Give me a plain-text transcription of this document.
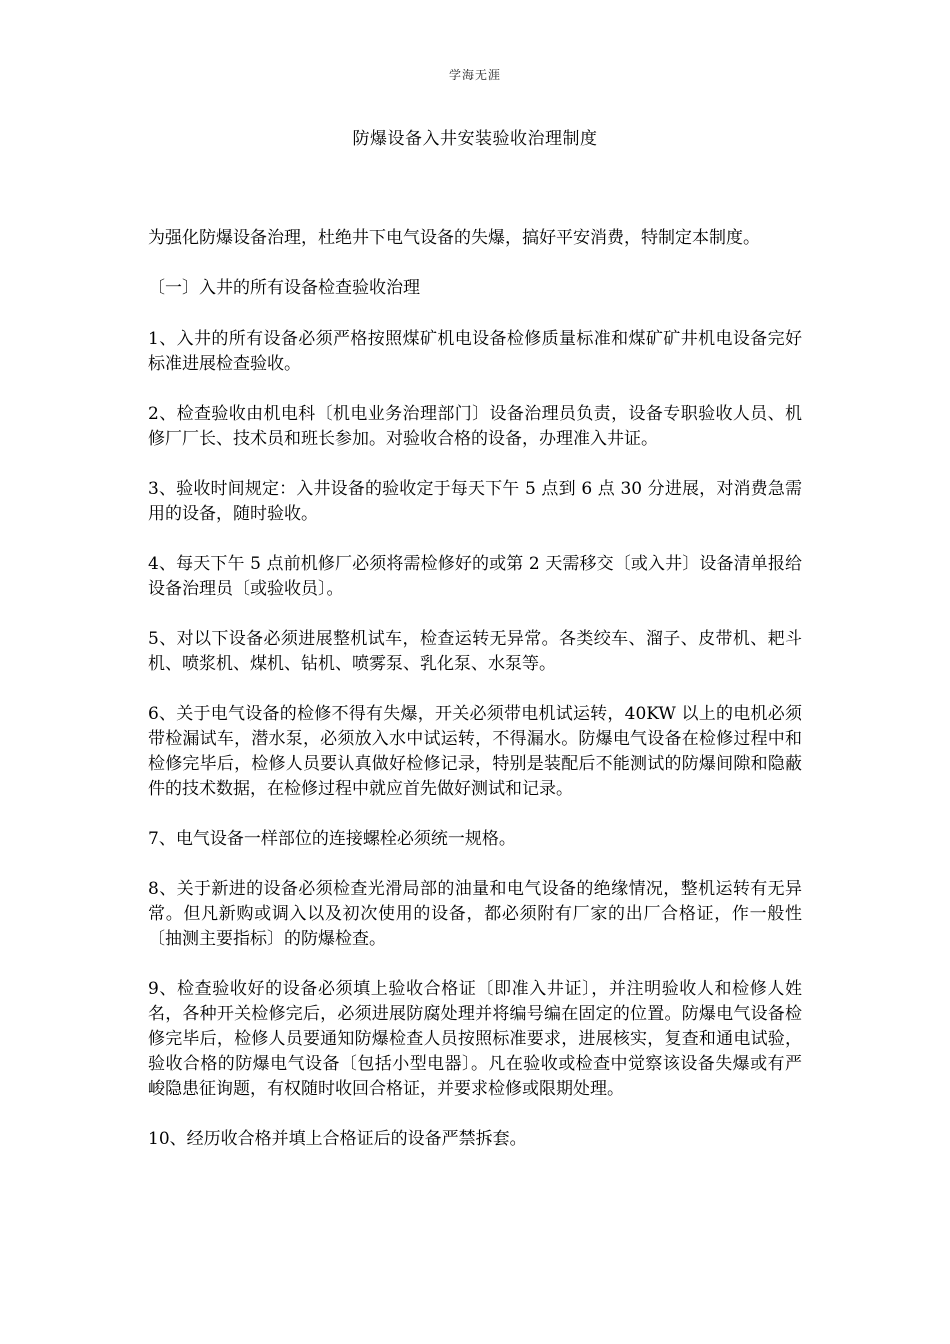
学海无涯
防爆设备入井安装验收治理制度

为强化防爆设备治理，杜绝井下电气设备的失爆，搞好平安消费，特制定本制度。

〔一〕入井的所有设备检查验收治理

1、入井的所有设备必须严格按照煤矿机电设备检修质量标准和煤矿矿井机电设备完好标准进展检查验收。

2、检查验收由机电科〔机电业务治理部门〕设备治理员负责，设备专职验收人员、机修厂厂长、技术员和班长参加。对验收合格的设备，办理准入井证。

3、验收时间规定：入井设备的验收定于每天下午 5 点到 6 点 30 分进展，对消费急需用的设备，随时验收。

4、每天下午 5 点前机修厂必须将需检修好的或第 2 天需移交〔或入井〕设备清单报给设备治理员〔或验收员〕。

5、对以下设备必须进展整机试车，检查运转无异常。各类绞车、溜子、皮带机、耙斗机、喷浆机、煤机、钻机、喷雾泵、乳化泵、水泵等。

6、关于电气设备的检修不得有失爆，开关必须带电机试运转，40KW 以上的电机必须带检漏试车，潜水泵，必须放入水中试运转，不得漏水。防爆电气设备在检修过程中和检修完毕后，检修人员要认真做好检修记录，特别是装配后不能测试的防爆间隙和隐蔽件的技术数据，在检修过程中就应首先做好测试和记录。

7、电气设备一样部位的连接螺栓必须统一规格。

8、关于新进的设备必须检查光滑局部的油量和电气设备的绝缘情况，整机运转有无异常。但凡新购或调入以及初次使用的设备，都必须附有厂家的出厂合格证，作一般性〔抽测主要指标〕的防爆检查。

9、检查验收好的设备必须填上验收合格证〔即准入井证〕，并注明验收人和检修人姓名，各种开关检修完后，必须进展防腐处理并将编号编在固定的位置。防爆电气设备检修完毕后，检修人员要通知防爆检查人员按照标准要求，进展核实，复查和通电试验，验收合格的防爆电气设备〔包括小型电器〕。凡在验收或检查中觉察该设备失爆或有严峻隐患征询题，有权随时收回合格证，并要求检修或限期处理。

10、经历收合格并填上合格证后的设备严禁拆套。
